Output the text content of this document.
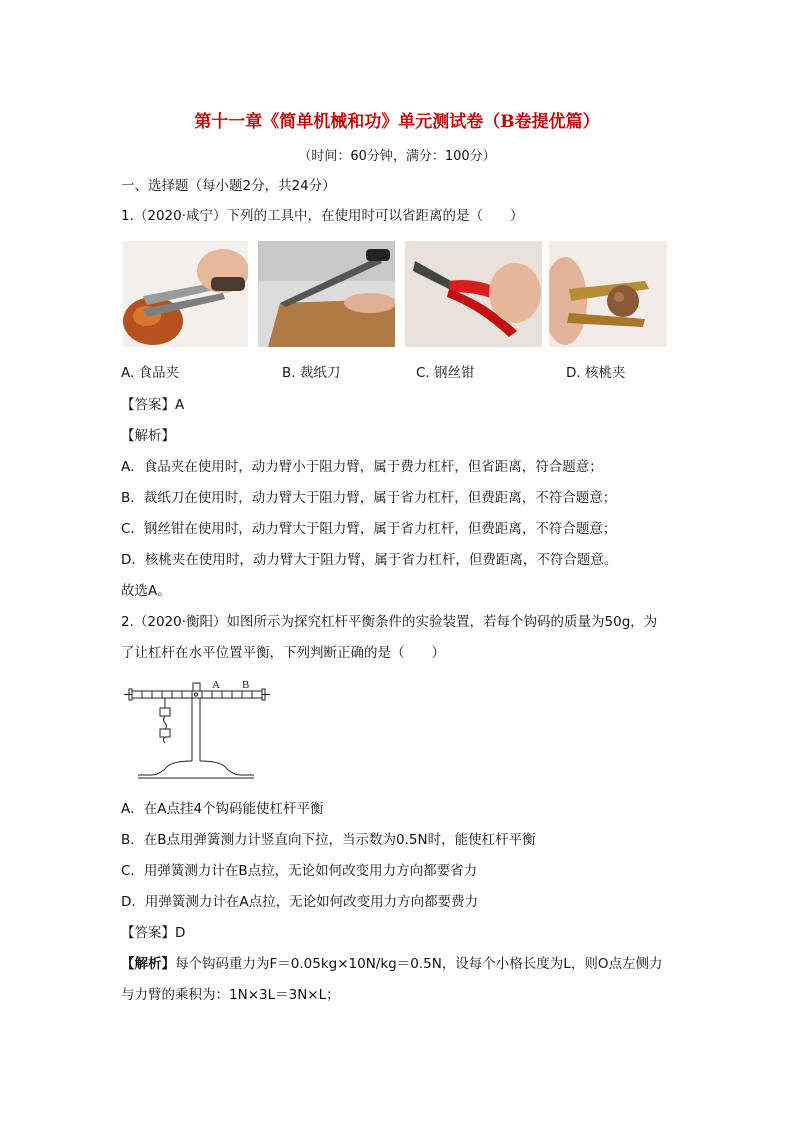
第十一章《简单机械和功》单元测试卷（B卷提优篇）
（时间：60分钟，满分：100分）
一、选择题（每小题2分，共24分）
1.（2020·咸宁）下列的工具中，在使用时可以省距离的是（　　）
A. 食品夹	B. 裁纸刀	C. 钢丝钳	D. 核桃夹
【答案】A
【解析】
A．食品夹在使用时，动力臂小于阻力臂，属于费力杠杆，但省距离，符合题意；
B．裁纸刀在使用时，动力臂大于阻力臂，属于省力杠杆，但费距离，不符合题意；
C．钢丝钳在使用时，动力臂大于阻力臂，属于省力杠杆，但费距离，不符合题意；
D．核桃夹在使用时，动力臂大于阻力臂，属于省力杠杆，但费距离，不符合题意。
故选A。
2.（2020·衡阳）如图所示为探究杠杆平衡条件的实验装置，若每个钩码的质量为50g，为
了让杠杆在水平位置平衡，下列判断正确的是（　　）
A B
A．在A点挂4个钩码能使杠杆平衡
B．在B点用弹簧测力计竖直向下拉，当示数为0.5N时，能使杠杆平衡
C．用弹簧测力计在B点拉，无论如何改变用力方向都要省力
D．用弹簧测力计在A点拉，无论如何改变用力方向都要费力
【答案】D
【解析】每个钩码重力为F＝0.05kg×10N/kg＝0.5N，设每个小格长度为L，则O点左侧力
与力臂的乘积为：1N×3L＝3N×L；
